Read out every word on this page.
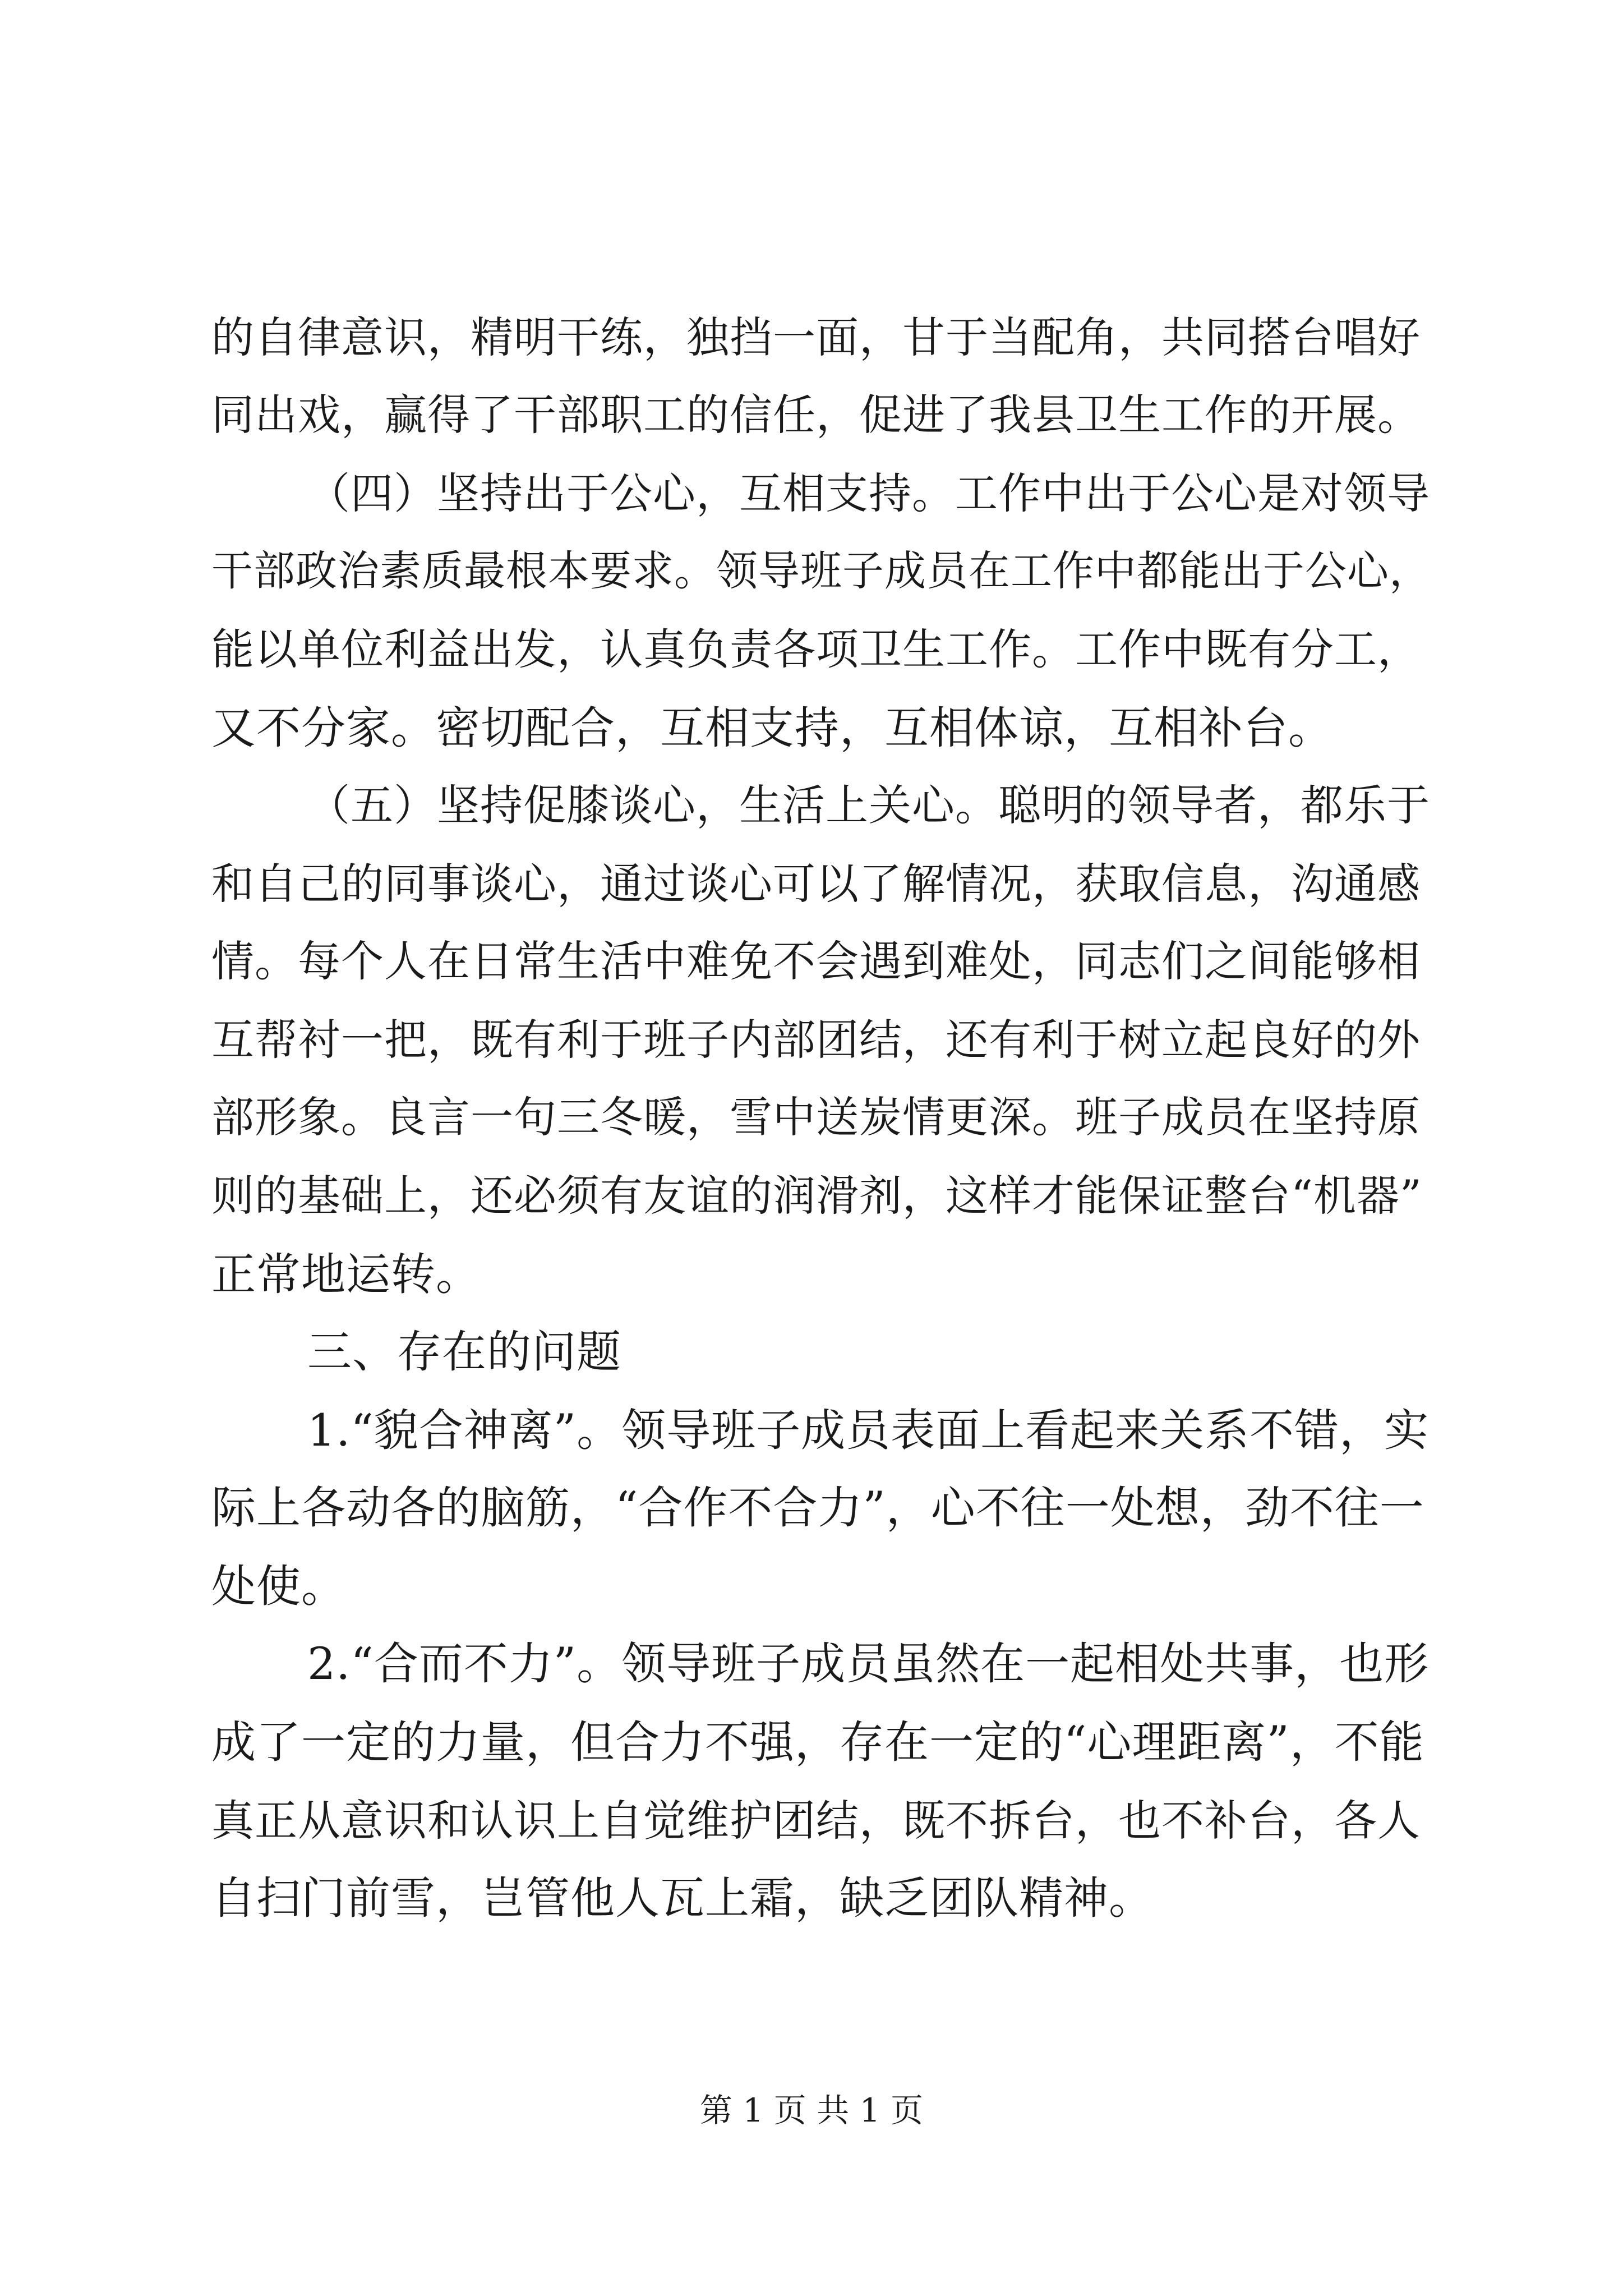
的自律意识，精明干练，独挡一面，甘于当配角，共同搭台唱好
同出戏，赢得了干部职工的信任，促进了我县卫生工作的开展。
（四）坚持出于公心，互相支持。工作中出于公心是对领导
干部政治素质最根本要求。领导班子成员在工作中都能出于公心，
能以单位利益出发，认真负责各项卫生工作。工作中既有分工，
又不分家。密切配合，互相支持，互相体谅，互相补台。
（五）坚持促膝谈心，生活上关心。聪明的领导者，都乐于
和自己的同事谈心，通过谈心可以了解情况，获取信息，沟通感
情。每个人在日常生活中难免不会遇到难处，同志们之间能够相
互帮衬一把，既有利于班子内部团结，还有利于树立起良好的外
部形象。良言一句三冬暖，雪中送炭情更深。班子成员在坚持原
则的基础上，还必须有友谊的润滑剂，这样才能保证整台“机器”
正常地运转。
三、存在的问题
1.“貌合神离”。领导班子成员表面上看起来关系不错，实
际上各动各的脑筋，“合作不合力”，心不往一处想，劲不往一
处使。
2.“合而不力”。领导班子成员虽然在一起相处共事，也形
成了一定的力量，但合力不强，存在一定的“心理距离”，不能
真正从意识和认识上自觉维护团结，既不拆台，也不补台，各人
自扫门前雪，岂管他人瓦上霜，缺乏团队精神。
第 1 页 共 1 页
